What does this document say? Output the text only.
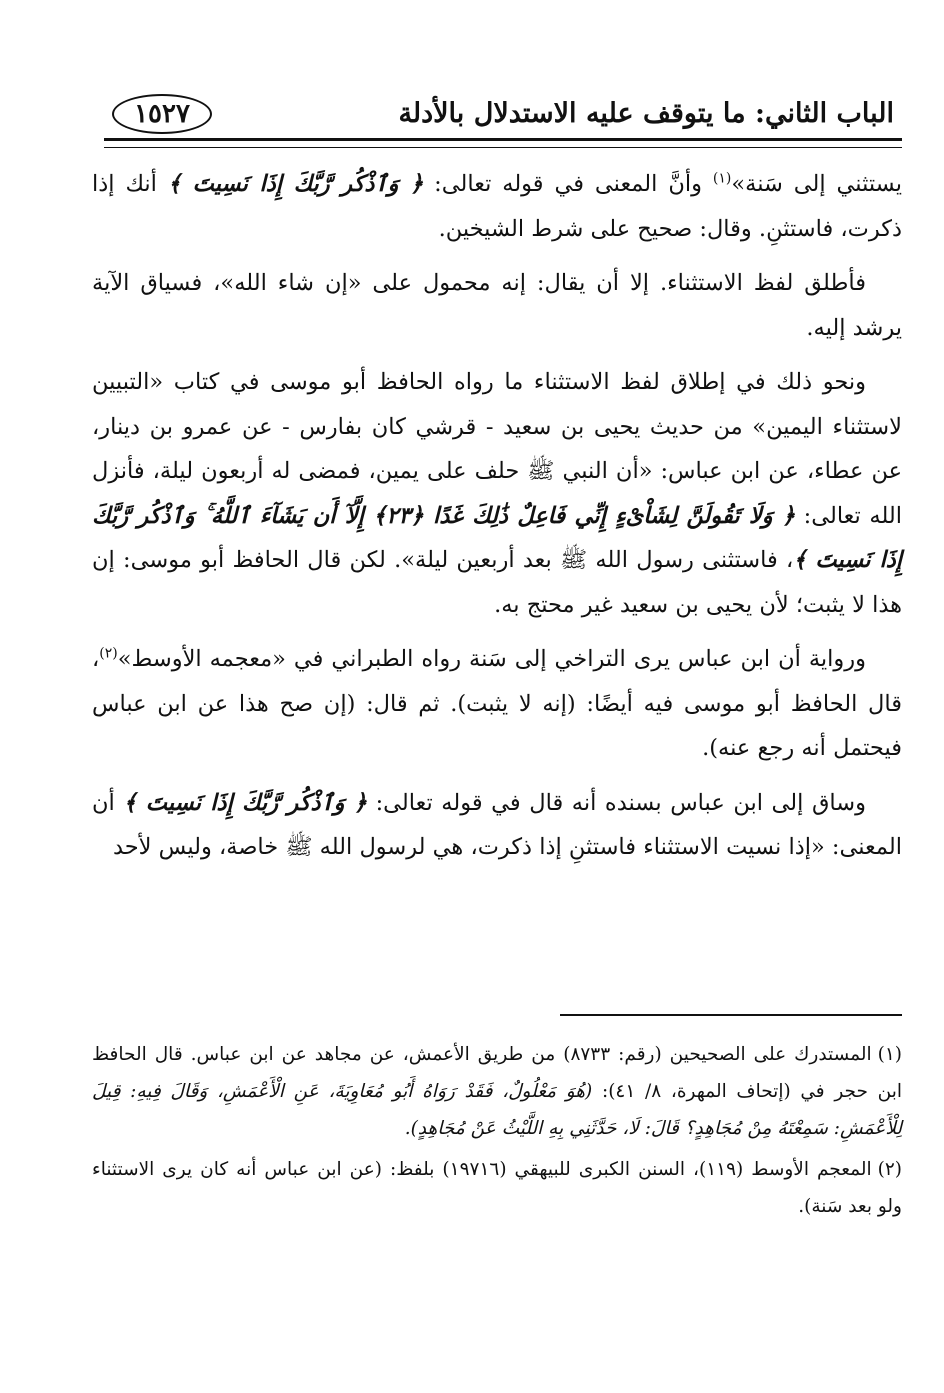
الباب الثاني: ما يتوقف عليه الاستدلال بالأدلة
١٥٢٧

يستثني إلى سَنة»$^{(١)}$ وأنَّ المعنى في قوله تعالى: ﴿ وَٱذْكُر رَّبَّكَ إِذَا نَسِيتَ ﴾ أنك إذا ذكرت، فاستثنِ. وقال: صحيح على شرط الشيخين.

فأطلق لفظ الاستثناء. إلا أن يقال: إنه محمول على «إن شاء الله»، فسياق الآية يرشد إليه.

ونحو ذلك في إطلاق لفظ الاستثناء ما رواه الحافظ أبو موسى في كتاب «التبيين لاستثناء اليمين» من حديث يحيى بن سعيد - قرشي كان بفارس - عن عمرو بن دينار، عن عطاء، عن ابن عباس: «أن النبي ﷺ حلف على يمين، فمضى له أربعون ليلة، فأنزل الله تعالى: ﴿ وَلَا تَقُولَنَّ لِشَاْىْءٍ إِنِّي فَاعِلٌ ذَٰلِكَ غَدًا ﴿٢٣﴾ إِلَّآ أَن يَشَآءَ ٱللَّهُ ۚ وَٱذْكُر رَّبَّكَ إِذَا نَسِيتَ ﴾، فاستثنى رسول الله ﷺ بعد أربعين ليلة». لكن قال الحافظ أبو موسى: إن هذا لا يثبت؛ لأن يحيى بن سعيد غير محتج به.

ورواية أن ابن عباس يرى التراخي إلى سَنة رواه الطبراني في «معجمه الأوسط»$^{(٢)}$، قال الحافظ أبو موسى فيه أيضًا: (إنه لا يثبت). ثم قال: (إن صح هذا عن ابن عباس فيحتمل أنه رجع عنه).

وساق إلى ابن عباس بسنده أنه قال في قوله تعالى: ﴿ وَٱذْكُر رَّبَّكَ إِذَا نَسِيتَ ﴾ أن المعنى: «إذا نسيت الاستثناء فاستثنِ إذا ذكرت، هي لرسول الله ﷺ خاصة، وليس لأحد

(١)المستدرك على الصحيحين (رقم: ٨٧٣٣) من طريق الأعمش، عن مجاهد عن ابن عباس. قال الحافظ ابن حجر في (إتحاف المهرة، ٨/ ٤١): (هُوَ مَعْلُولٌ، فَقَدْ رَوَاهُ أَبُو مُعَاوِيَةَ، عَنِ الْأَعْمَشِ، وَقَالَ فِيهِ: قِيلَ لِلْأَعْمَشِ: سَمِعْتَهُ مِنْ مُجَاهِدٍ؟ قَالَ: لَا، حَدَّثَنِي بِهِ اللَّيْثُ عَنْ مُجَاهِدٍ).

(٢)المعجم الأوسط (١١٩)، السنن الكبرى للبيهقي (١٩٧١٦) بلفظ: (عن ابن عباس أنه كان يرى الاستثناء ولو بعد سَنة).
